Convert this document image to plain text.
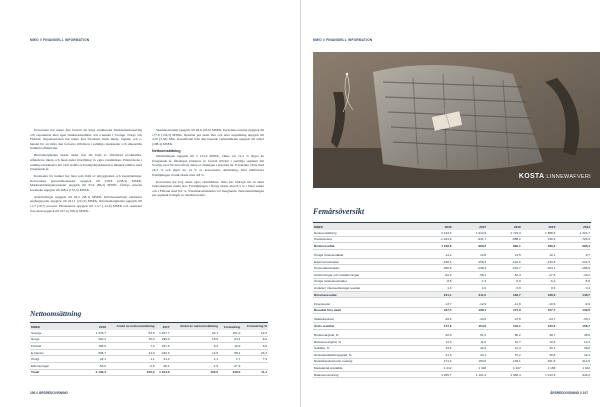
MWO // FINANSIELL INFORMATION

Koncernen har under året fortsatt sin höga strukturella marknadsinvestering och expanderat med egen butiksverksamhet och e-handel i Sverige, Norge och Finland. Organisationen har under året förstärkts inom inköp, logistik och e-handel för att möta den fortsatta tillväxten i samtliga marknader och säkerställa framtida effektivitet.

Bruttomarginalen ökade under året till följd av förbättrad produktmix, effektivare inköp och ökad andel försäljning av egna varumärken. Prisnivåerna i samtliga marknader har varit stabila och kampanjandelen har minskat jämfört med föregående år.

Kostnader för butiker har ökat som följd av utbyggnaden och nyetableringar. Koncernens personalkostnader uppgick till 258,8 (238,4) MSEK. Marknadsföringskostnader uppgick till 95,6 (86,2) MSEK. Övriga externa kostnader uppgick till 168,4 (155,3) MSEK.

Avskrivningar uppgick till 62,2 (58,1) MSEK. Rörelseresultatet exklusive engångsposter uppgick till 241,1 (211,0) MSEK. Rörelsemarginalen uppgick till 11,3 (10,7) procent. Finansnettot uppgick till -13,7 (-12,9) MSEK och resultatet före skatt uppgick till 227,4 (198,1) MSEK.

Skattekostnaden uppgick till 49,6 (43,6) MSEK. Periodens resultat uppgick till 177,8 (154,5) MSEK. Resultat per aktie före och efter utspädning uppgick till 4,10 (3,56) SEK. Kassaflödet från den löpande verksamheten uppgick till 249,2 (198,4) MSEK.

Nettoomsättning

Omsättningen uppgick till 2 133,4 MSEK, vilket var 11,4 % högre än föregående år. Ökningen förklaras av fortsatt tillväxt i samtliga segment där Sverige stod för den största delen av ökningen i absoluta tal. E-handeln växte med 24,3 % och utgör nu 14 % av koncernens omsättning. Den jämförbara försäljningen i butik ökade med 4,8 %.

Koncernen har hög andel egna varumärken, vilka har bidragit till en ökad bruttomarginal under året. Försäljningen i Norge ökade med 8,3 % i lokal valuta och i Finland med 6,9 %. Växelkurseffekterna var marginella. Nettoomsättningen per segment framgår av tabellen nedan.

Nettoomsättning
MSEK	2018	Andel av nettoomsättning	2017	Andel av nettoomsättning	Förändring	Förändring %
Sverige	1 378,7	64,6	1 227,7	64,1	151,0	12,3
Norge	320,4	15,0	296,0	15,5	24,4	8,2
Finland	168,5	7,9	157,6	8,2	10,9	6,9
E-handel	298,7	14,0	240,3	12,6	58,4	24,3
Övrigt	23,1	1,1	21,4	1,1	1,7	7,9
Elimineringar	-56,0	-2,6	-28,1	-1,5	-27,9	
Totalt	2 133,4	100,0	1 914,9	100,0	218,5	11,4
106 // ÅRSREDOVISNING
MWO // FINANSIELL INFORMATION
KOSTA LINNEWAFVERI
Femårsöversikt
MSEK	2018	2017	2016	2015	2014
Nettoomsättning	2 133,4	1 914,9	1 724,3	1 588,6	1 421,7
Handelsvaror	-1 024,6	-931,7	-858,2	-799,4	-726,3
Bruttoresultat	1 108,8	983,2	866,1	789,2	695,4

Övriga rörelseintäkter	14,2	12,8	11,5	10,1	9,7
Externa kostnader	-168,4	-155,3	-142,6	-133,8	-121,5
Personalkostnader	-258,8	-238,4	-219,7	-204,1	-186,9
Avskrivningar och nedskrivningar	-62,2	-58,1	-52,4	-47,9	-43,2
Övriga rörelsekostnader	-8,6	-7,4	-6,9	-6,2	-5,8
Andelar i intresseföretags resultat	1,3	1,0	0,8	0,6	0,4
Rörelseresultat	241,1	211,0	183,7	168,3	146,7

Finansnetto	-13,7	-12,9	-11,8	-10,6	-9,9
Resultat före skatt	227,4	198,1	171,9	157,7	136,8

Skattekostnad	-49,6	-43,6	-37,8	-34,7	-30,1
Årets resultat	177,8	154,5	134,1	123,0	106,7

Bruttomarginal, %	52,0	51,3	50,2	49,7	48,9
Rörelsemarginal, %	11,3	11,0	10,7	10,6	10,3
Soliditet, %	44,6	42,9	41,3	40,1	38,8
Nettoskuldsättningsgrad, %	31,5	34,1	37,2	39,8	42,4
Nettolåneskuld exkl. leasing	171,4	183,6	194,1	201,5	212,9
Medelantal anställda	1 412	1 318	1 247	1 186	1 102
Balansomslutning	1 265,7	1 161,3	1 082,4	1 013,9	944,2
ÅRSREDOVISNING // 107
